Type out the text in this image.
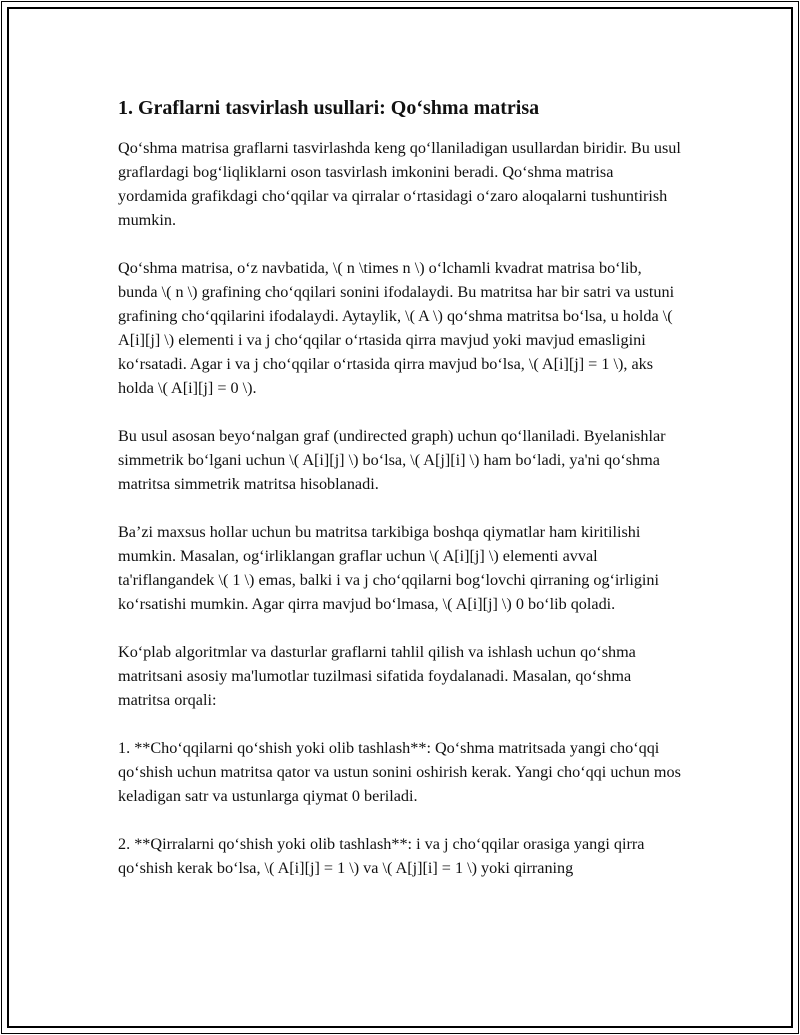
1. Graflarni tasvirlash usullari: Qo‘shma matrisa

Qo‘shma matrisa graflarni tasvirlashda keng qo‘llaniladigan usullardan biridir. Bu usul graflardagi bog‘liqliklarni oson tasvirlash imkonini beradi. Qo‘shma matrisa yordamida grafikdagi cho‘qqilar va qirralar o‘rtasidagi o‘zaro aloqalarni tushuntirish mumkin.

Qo‘shma matrisa, o‘z navbatida, \( n \times n \) o‘lchamli kvadrat matrisa bo‘lib, bunda \( n \) grafining cho‘qqilari sonini ifodalaydi. Bu matritsa har bir satri va ustuni grafining cho‘qqilarini ifodalaydi. Aytaylik, \( A \) qo‘shma matritsa bo‘lsa, u holda \( A[i][j] \) elementi i va j cho‘qqilar o‘rtasida qirra mavjud yoki mavjud emasligini ko‘rsatadi. Agar i va j cho‘qqilar o‘rtasida qirra mavjud bo‘lsa, \( A[i][j] = 1 \), aks holda \( A[i][j] = 0 \).

Bu usul asosan beyo‘nalgan graf (undirected graph) uchun qo‘llaniladi. Byelanishlar simmetrik bo‘lgani uchun \( A[i][j] \) bo‘lsa, \( A[j][i] \) ham bo‘ladi, ya'ni qo‘shma matritsa simmetrik matritsa hisoblanadi.

Ba’zi maxsus hollar uchun bu matritsa tarkibiga boshqa qiymatlar ham kiritilishi mumkin. Masalan, og‘irliklangan graflar uchun \( A[i][j] \) elementi avval ta'riflangandek \( 1 \) emas, balki i va j cho‘qqilarni bog‘lovchi qirraning og‘irligini ko‘rsatishi mumkin. Agar qirra mavjud bo‘lmasa, \( A[i][j] \) 0 bo‘lib qoladi.

Ko‘plab algoritmlar va dasturlar graflarni tahlil qilish va ishlash uchun qo‘shma matritsani asosiy ma'lumotlar tuzilmasi sifatida foydalanadi. Masalan, qo‘shma matritsa orqali:

1. **Cho‘qqilarni qo‘shish yoki olib tashlash**: Qo‘shma matritsada yangi cho‘qqi qo‘shish uchun matritsa qator va ustun sonini oshirish kerak. Yangi cho‘qqi uchun mos keladigan satr va ustunlarga qiymat 0 beriladi.

2. **Qirralarni qo‘shish yoki olib tashlash**: i va j cho‘qqilar orasiga yangi qirra qo‘shish kerak bo‘lsa, \( A[i][j] = 1 \) va \( A[j][i] = 1 \) yoki qirraning
